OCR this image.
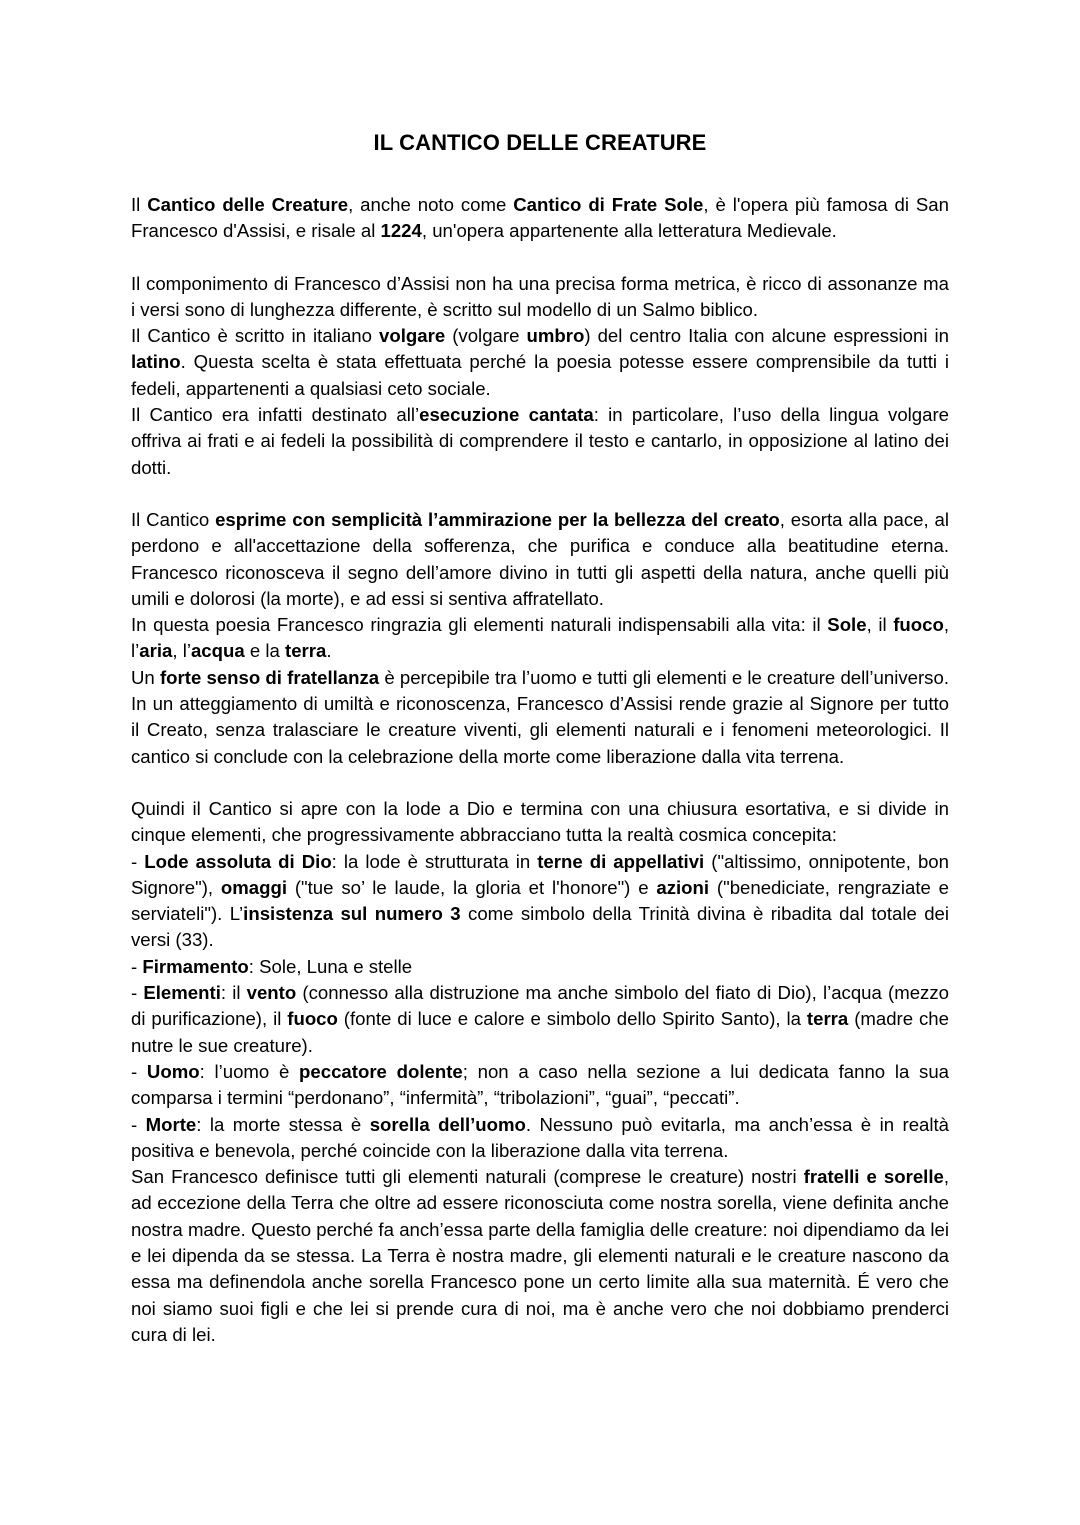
IL CANTICO DELLE CREATURE

Il Cantico delle Creature, anche noto come Cantico di Frate Sole, è l'opera più famosa di San Francesco d'Assisi, e risale al 1224, un'opera appartenente alla letteratura Medievale.

Il componimento di Francesco d’Assisi non ha una precisa forma metrica, è ricco di assonanze ma i versi sono di lunghezza differente, è scritto sul modello di un Salmo biblico.

Il Cantico è scritto in italiano volgare (volgare umbro) del centro Italia con alcune espressioni in latino. Questa scelta è stata effettuata perché la poesia potesse essere comprensibile da tutti i fedeli, appartenenti a qualsiasi ceto sociale.

Il Cantico era infatti destinato all’esecuzione cantata: in particolare, l’uso della lingua volgare offriva ai frati e ai fedeli la possibilità di comprendere il testo e cantarlo, in opposizione al latino dei dotti.

Il Cantico esprime con semplicità l’ammirazione per la bellezza del creato, esorta alla pace, al perdono e all'accettazione della sofferenza, che purifica e conduce alla beatitudine eterna. Francesco riconosceva il segno dell’amore divino in tutti gli aspetti della natura, anche quelli più umili e dolorosi (la morte), e ad essi si sentiva affratellato.

In questa poesia Francesco ringrazia gli elementi naturali indispensabili alla vita: il Sole, il fuoco, l’aria, l’acqua e la terra.

Un forte senso di fratellanza è percepibile tra l’uomo e tutti gli elementi e le creature dell’universo. In un atteggiamento di umiltà e riconoscenza, Francesco d’Assisi rende grazie al Signore per tutto il Creato, senza tralasciare le creature viventi, gli elementi naturali e i fenomeni meteorologici. Il cantico si conclude con la celebrazione della morte come liberazione dalla vita terrena.

Quindi il Cantico si apre con la lode a Dio e termina con una chiusura esortativa, e si divide in cinque elementi, che progressivamente abbracciano tutta la realtà cosmica concepita:

- Lode assoluta di Dio: la lode è strutturata in terne di appellativi ("altissimo, onnipotente, bon Signore"), omaggi ("tue so’ le laude, la gloria et l'honore") e azioni ("benediciate, rengraziate e serviateli"). L’insistenza sul numero 3 come simbolo della Trinità divina è ribadita dal totale dei versi (33).

- Firmamento: Sole, Luna e stelle

- Elementi: il vento (connesso alla distruzione ma anche simbolo del fiato di Dio), l’acqua (mezzo di purificazione), il fuoco (fonte di luce e calore e simbolo dello Spirito Santo), la terra (madre che nutre le sue creature).

- Uomo: l’uomo è peccatore dolente; non a caso nella sezione a lui dedicata fanno la sua comparsa i termini “perdonano”, “infermità”, “tribolazioni”, “guai”, “peccati”.

- Morte: la morte stessa è sorella dell’uomo. Nessuno può evitarla, ma anch’essa è in realtà positiva e benevola, perché coincide con la liberazione dalla vita terrena.

San Francesco definisce tutti gli elementi naturali (comprese le creature) nostri fratelli e sorelle, ad eccezione della Terra che oltre ad essere riconosciuta come nostra sorella, viene definita anche nostra madre. Questo perché fa anch’essa parte della famiglia delle creature: noi dipendiamo da lei e lei dipenda da se stessa. La Terra è nostra madre, gli elementi naturali e le creature nascono da essa ma definendola anche sorella Francesco pone un certo limite alla sua maternità. É vero che noi siamo suoi figli e che lei si prende cura di noi, ma è anche vero che noi dobbiamo prenderci cura di lei.
